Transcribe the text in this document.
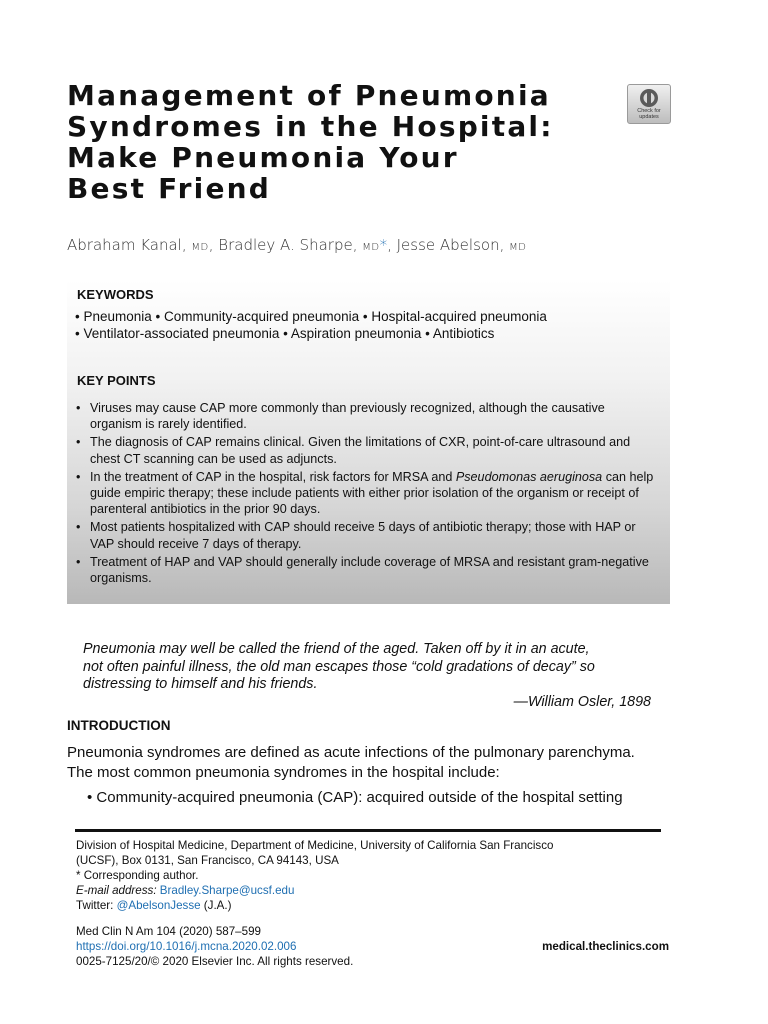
Management of Pneumonia
Syndromes in the Hospital:
Make Pneumonia Your
Best Friend
Check for
updates
Abraham Kanal, MD, Bradley A. Sharpe, MD*, Jesse Abelson, MD
KEYWORDS
• Pneumonia • Community-acquired pneumonia • Hospital-acquired pneumonia
• Ventilator-associated pneumonia • Aspiration pneumonia • Antibiotics
KEY POINTS
• Viruses may cause CAP more commonly than previously recognized, although the causative organism is rarely identified.
• The diagnosis of CAP remains clinical. Given the limitations of CXR, point-of-care ultrasound and chest CT scanning can be used as adjuncts.
• In the treatment of CAP in the hospital, risk factors for MRSA and Pseudomonas aeruginosa can help guide empiric therapy; these include patients with either prior isolation of the organism or receipt of parenteral antibiotics in the prior 90 days.
• Most patients hospitalized with CAP should receive 5 days of antibiotic therapy; those with HAP or VAP should receive 7 days of therapy.
• Treatment of HAP and VAP should generally include coverage of MRSA and resistant gram-negative organisms.
Pneumonia may well be called the friend of the aged. Taken off by it in an acute,
not often painful illness, the old man escapes those “cold gradations of decay” so
distressing to himself and his friends.
—William Osler, 1898
INTRODUCTION
Pneumonia syndromes are defined as acute infections of the pulmonary parenchyma.
The most common pneumonia syndromes in the hospital include:
• Community-acquired pneumonia (CAP): acquired outside of the hospital setting
Division of Hospital Medicine, Department of Medicine, University of California San Francisco
(UCSF), Box 0131, San Francisco, CA 94143, USA
* Corresponding author.
E-mail address: Bradley.Sharpe@ucsf.edu
Twitter: @AbelsonJesse (J.A.)
Med Clin N Am 104 (2020) 587–599
https://doi.org/10.1016/j.mcna.2020.02.006
0025-7125/20/© 2020 Elsevier Inc. All rights reserved.
medical.theclinics.com
